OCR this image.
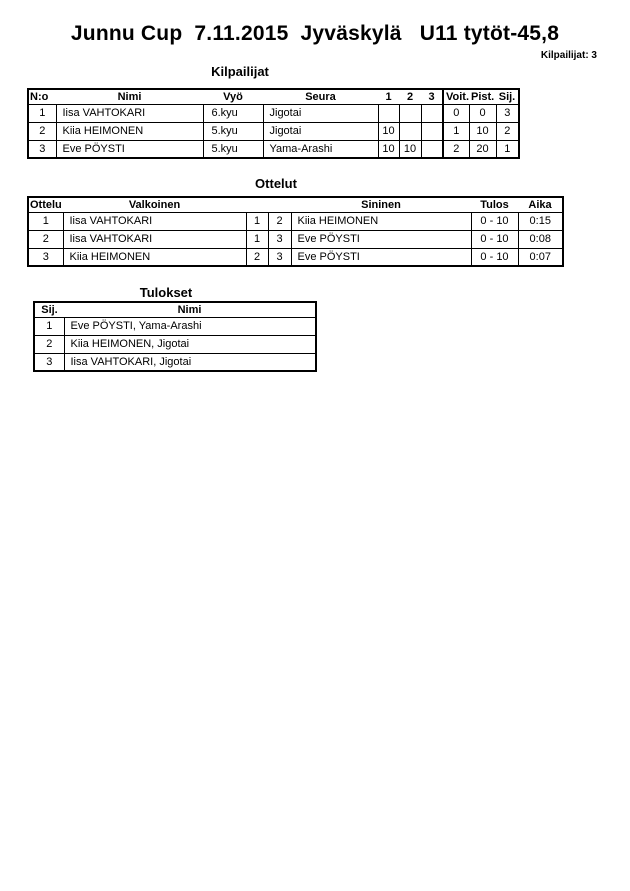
Junnu Cup  7.11.2015  Jyväskylä   U11 tytöt-45,8
Kilpailijat: 3
Kilpailijat
N:o	Nimi	Vyö	Seura	1	2	3	Voit.	Pist.	Sij.
1	Iisa VAHTOKARI	6.kyu	Jigotai				0	0	3
2	Kiia HEIMONEN	5.kyu	Jigotai	10			1	10	2
3	Eve PÖYSTI	5.kyu	Yama-Arashi	10	10		2	20	1
Ottelut
Ottelu	Valkoinen			Sininen	Tulos	Aika
1	Iisa VAHTOKARI	1	2	Kiia HEIMONEN	0 - 10	0:15
2	Iisa VAHTOKARI	1	3	Eve PÖYSTI	0 - 10	0:08
3	Kiia HEIMONEN	2	3	Eve PÖYSTI	0 - 10	0:07
Tulokset
Sij.	Nimi
1	Eve PÖYSTI, Yama-Arashi
2	Kiia HEIMONEN, Jigotai
3	Iisa VAHTOKARI, Jigotai
